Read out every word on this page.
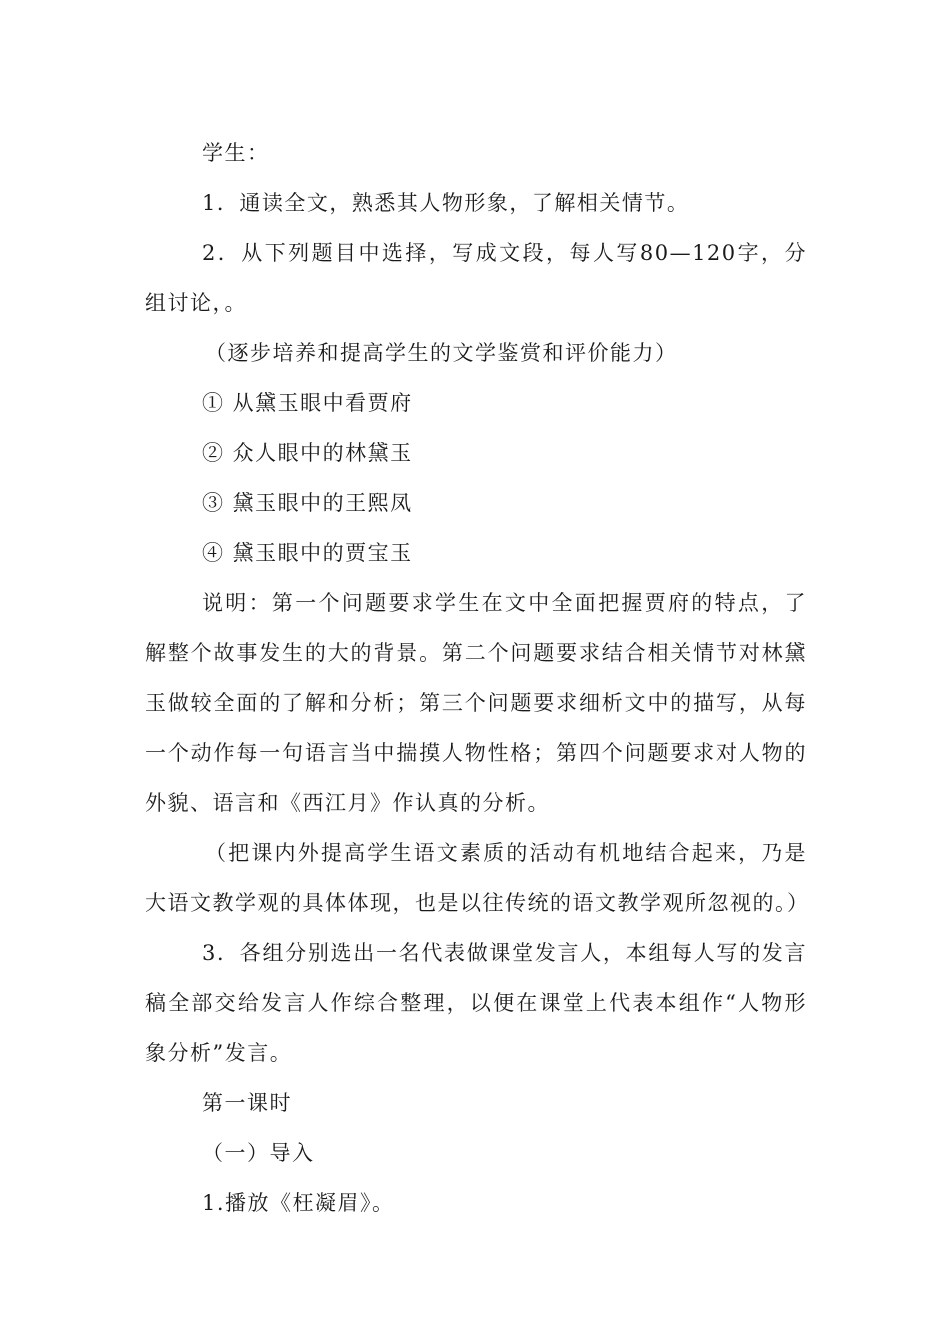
学生：

1．通读全文，熟悉其人物形象，了解相关情节。

2．从下列题目中选择，写成文段，每人写80—120字，分组讨论，。

（逐步培养和提高学生的文学鉴赏和评价能力）

① 从黛玉眼中看贾府

② 众人眼中的林黛玉

③ 黛玉眼中的王熙凤

④ 黛玉眼中的贾宝玉

说明：第一个问题要求学生在文中全面把握贾府的特点，了解整个故事发生的大的背景。第二个问题要求结合相关情节对林黛玉做较全面的了解和分析；第三个问题要求细析文中的描写，从每一个动作每一句语言当中揣摸人物性格；第四个问题要求对人物的外貌、语言和《西江月》作认真的分析。

（把课内外提高学生语文素质的活动有机地结合起来，乃是大语文教学观的具体体现，也是以往传统的语文教学观所忽视的。）

3．各组分别选出一名代表做课堂发言人，本组每人写的发言稿全部交给发言人作综合整理，以便在课堂上代表本组作“人物形象分析”发言。

第一课时

（一）导入

1.播放《枉凝眉》。
